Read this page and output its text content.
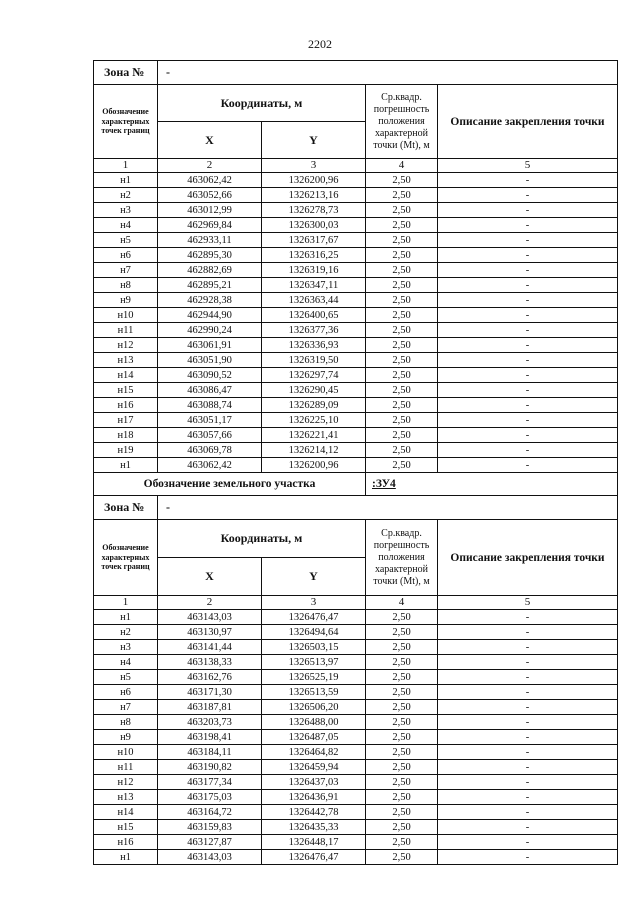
2202
Зона №	-			
Обозначение характерных точек границ	Координаты, м		Ср.квадр. погрешность положения характерной точки (Mt), м	Описание закрепления точки
	X	Y		
1	2	3	4	5
н1	463062,42	1326200,96	2,50	-
н2	463052,66	1326213,16	2,50	-
н3	463012,99	1326278,73	2,50	-
н4	462969,84	1326300,03	2,50	-
н5	462933,11	1326317,67	2,50	-
н6	462895,30	1326316,25	2,50	-
н7	462882,69	1326319,16	2,50	-
н8	462895,21	1326347,11	2,50	-
н9	462928,38	1326363,44	2,50	-
н10	462944,90	1326400,65	2,50	-
н11	462990,24	1326377,36	2,50	-
н12	463061,91	1326336,93	2,50	-
н13	463051,90	1326319,50	2,50	-
н14	463090,52	1326297,74	2,50	-
н15	463086,47	1326290,45	2,50	-
н16	463088,74	1326289,09	2,50	-
н17	463051,17	1326225,10	2,50	-
н18	463057,66	1326221,41	2,50	-
н19	463069,78	1326214,12	2,50	-
н1	463062,42	1326200,96	2,50	-
Обозначение земельного участка			:ЗУ4	
Зона №	-			
Обозначение характерных точек границ	Координаты, м		Ср.квадр. погрешность положения характерной точки (Mt), м	Описание закрепления точки
	X	Y		
1	2	3	4	5
н1	463143,03	1326476,47	2,50	-
н2	463130,97	1326494,64	2,50	-
н3	463141,44	1326503,15	2,50	-
н4	463138,33	1326513,97	2,50	-
н5	463162,76	1326525,19	2,50	-
н6	463171,30	1326513,59	2,50	-
н7	463187,81	1326506,20	2,50	-
н8	463203,73	1326488,00	2,50	-
н9	463198,41	1326487,05	2,50	-
н10	463184,11	1326464,82	2,50	-
н11	463190,82	1326459,94	2,50	-
н12	463177,34	1326437,03	2,50	-
н13	463175,03	1326436,91	2,50	-
н14	463164,72	1326442,78	2,50	-
н15	463159,83	1326435,33	2,50	-
н16	463127,87	1326448,17	2,50	-
н1	463143,03	1326476,47	2,50	-
